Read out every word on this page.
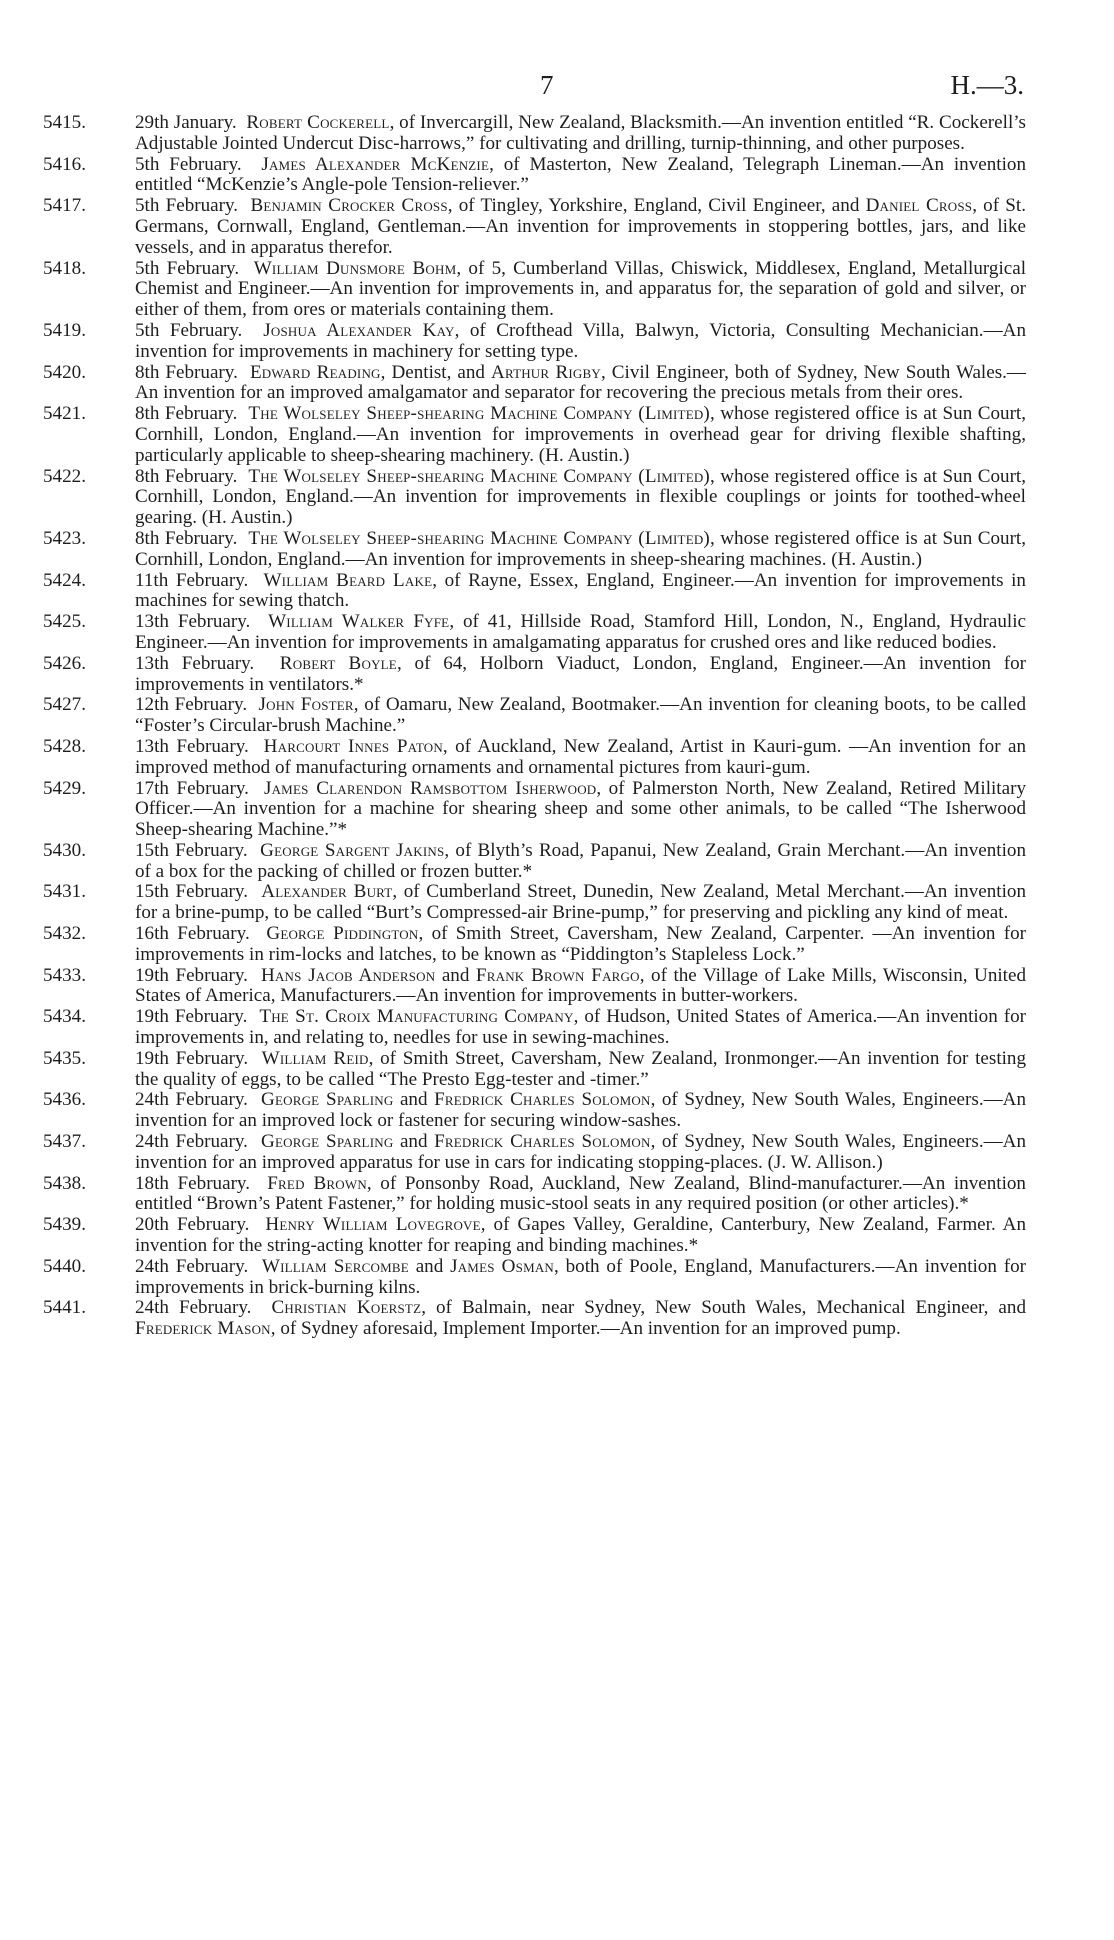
7	H.—3.
5415.	29th January. Robert Cockerell, of Invercargill, New Zealand, Blacksmith.—An invention entitled “R. Cockerell’s Adjustable Jointed Undercut Disc-harrows,” for cultivating and drilling, turnip-thinning, and other purposes.
5416.	5th February. James Alexander McKenzie, of Masterton, New Zealand, Telegraph Lineman.—An invention entitled “McKenzie’s Angle-pole Tension-reliever.”
5417.	5th February. Benjamin Crocker Cross, of Tingley, Yorkshire, England, Civil Engineer, and Daniel Cross, of St. Germans, Cornwall, England, Gentleman.—An invention for improvements in stoppering bottles, jars, and like vessels, and in apparatus therefor.
5418.	5th February. William Dunsmore Bohm, of 5, Cumberland Villas, Chiswick, Middlesex, England, Metallurgical Chemist and Engineer.—An invention for improvements in, and apparatus for, the separation of gold and silver, or either of them, from ores or materials containing them.
5419.	5th February. Joshua Alexander Kay, of Crofthead Villa, Balwyn, Victoria, Consulting Mechanician.—An invention for improvements in machinery for setting type.
5420.	8th February. Edward Reading, Dentist, and Arthur Rigby, Civil Engineer, both of Sydney, New South Wales.—An invention for an improved amalgamator and separator for recovering the precious metals from their ores.
5421.	8th February. The Wolseley Sheep-shearing Machine Company (Limited), whose registered office is at Sun Court, Cornhill, London, England.—An invention for improvements in overhead gear for driving flexible shafting, particularly applicable to sheep-shearing machinery. (H. Austin.)
5422.	8th February. The Wolseley Sheep-shearing Machine Company (Limited), whose registered office is at Sun Court, Cornhill, London, England.—An invention for improvements in flexible couplings or joints for toothed-wheel gearing. (H. Austin.)
5423.	8th February. The Wolseley Sheep-shearing Machine Company (Limited), whose registered office is at Sun Court, Cornhill, London, England.—An invention for improvements in sheep-shearing machines. (H. Austin.)
5424.	11th February. William Beard Lake, of Rayne, Essex, England, Engineer.—An invention for improvements in machines for sewing thatch.
5425.	13th February. William Walker Fyfe, of 41, Hillside Road, Stamford Hill, London, N., England, Hydraulic Engineer.—An invention for improvements in amalgamating apparatus for crushed ores and like reduced bodies.
5426.	13th February. Robert Boyle, of 64, Holborn Viaduct, London, England, Engineer.—An invention for improvements in ventilators.*
5427.	12th February. John Foster, of Oamaru, New Zealand, Bootmaker.—An invention for cleaning boots, to be called “Foster’s Circular-brush Machine.”
5428.	13th February. Harcourt Innes Paton, of Auckland, New Zealand, Artist in Kauri-gum. —An invention for an improved method of manufacturing ornaments and ornamental pictures from kauri-gum.
5429.	17th February. James Clarendon Ramsbottom Isherwood, of Palmerston North, New Zealand, Retired Military Officer.—An invention for a machine for shearing sheep and some other animals, to be called “The Isherwood Sheep-shearing Machine.”*
5430.	15th February. George Sargent Jakins, of Blyth’s Road, Papanui, New Zealand, Grain Merchant.—An invention of a box for the packing of chilled or frozen butter.*
5431.	15th February. Alexander Burt, of Cumberland Street, Dunedin, New Zealand, Metal Merchant.—An invention for a brine-pump, to be called “Burt’s Compressed-air Brine-pump,” for preserving and pickling any kind of meat.
5432.	16th February. George Piddington, of Smith Street, Caversham, New Zealand, Carpenter. —An invention for improvements in rim-locks and latches, to be known as “Piddington’s Stapleless Lock.”
5433.	19th February. Hans Jacob Anderson and Frank Brown Fargo, of the Village of Lake Mills, Wisconsin, United States of America, Manufacturers.—An invention for improvements in butter-workers.
5434.	19th February. The St. Croix Manufacturing Company, of Hudson, United States of America.—An invention for improvements in, and relating to, needles for use in sewing-machines.
5435.	19th February. William Reid, of Smith Street, Caversham, New Zealand, Ironmonger.—An invention for testing the quality of eggs, to be called “The Presto Egg-tester and -timer.”
5436.	24th February. George Sparling and Fredrick Charles Solomon, of Sydney, New South Wales, Engineers.—An invention for an improved lock or fastener for securing window-sashes.
5437.	24th February. George Sparling and Fredrick Charles Solomon, of Sydney, New South Wales, Engineers.—An invention for an improved apparatus for use in cars for indicating stopping-places. (J. W. Allison.)
5438.	18th February. Fred Brown, of Ponsonby Road, Auckland, New Zealand, Blind-manufacturer.—An invention entitled “Brown’s Patent Fastener,” for holding music-stool seats in any required position (or other articles).*
5439.	20th February. Henry William Lovegrove, of Gapes Valley, Geraldine, Canterbury, New Zealand, Farmer. An invention for the string-acting knotter for reaping and binding machines.*
5440.	24th February. William Sercombe and James Osman, both of Poole, England, Manufacturers.—An invention for improvements in brick-burning kilns.
5441.	24th February. Christian Koerstz, of Balmain, near Sydney, New South Wales, Mechanical Engineer, and Frederick Mason, of Sydney aforesaid, Implement Importer.—An invention for an improved pump.
